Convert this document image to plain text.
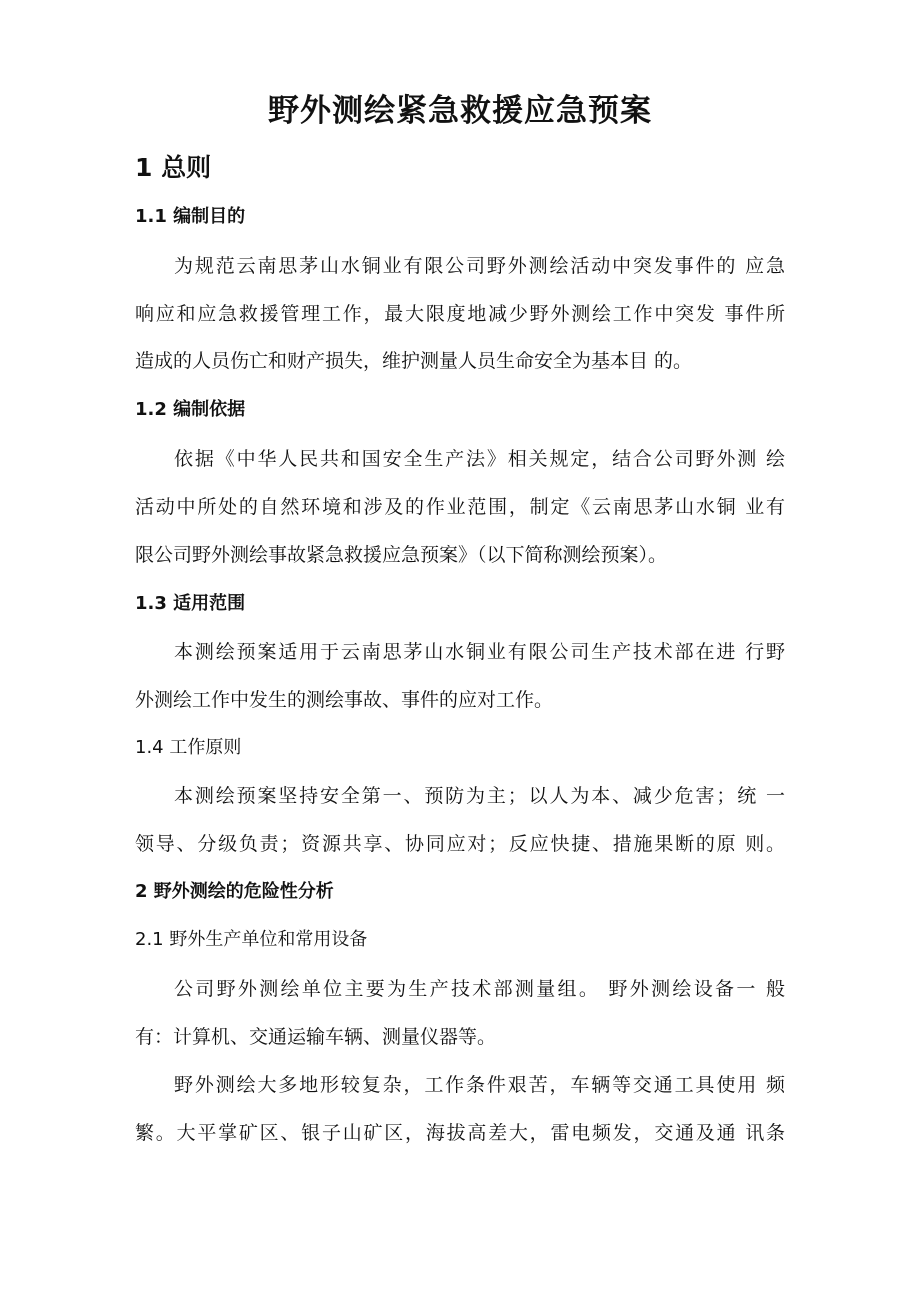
野外测绘紧急救援应急预案
1 总则
1.1 编制目的
为规范云南思茅山水铜业有限公司野外测绘活动中突发事件的 应急
响应和应急救援管理工作，最大限度地减少野外测绘工作中突发 事件所
造成的人员伤亡和财产损失，维护测量人员生命安全为基本目 的。
1.2 编制依据
依据《中华人民共和国安全生产法》相关规定，结合公司野外测 绘
活动中所处的自然环境和涉及的作业范围，制定《云南思茅山水铜 业有
限公司野外测绘事故紧急救援应急预案》（以下简称测绘预案）。
1.3 适用范围
本测绘预案适用于云南思茅山水铜业有限公司生产技术部在进 行野
外测绘工作中发生的测绘事故、事件的应对工作。
1.4 工作原则
本测绘预案坚持安全第一、预防为主；以人为本、减少危害；统 一
领导、分级负责；资源共享、协同应对；反应快捷、措施果断的原 则。
2 野外测绘的危险性分析
2.1 野外生产单位和常用设备
公司野外测绘单位主要为生产技术部测量组。 野外测绘设备一 般
有：计算机、交通运输车辆、测量仪器等。
野外测绘大多地形较复杂，工作条件艰苦，车辆等交通工具使用 频
繁。大平掌矿区、银子山矿区，海拔高差大，雷电频发，交通及通 讯条
